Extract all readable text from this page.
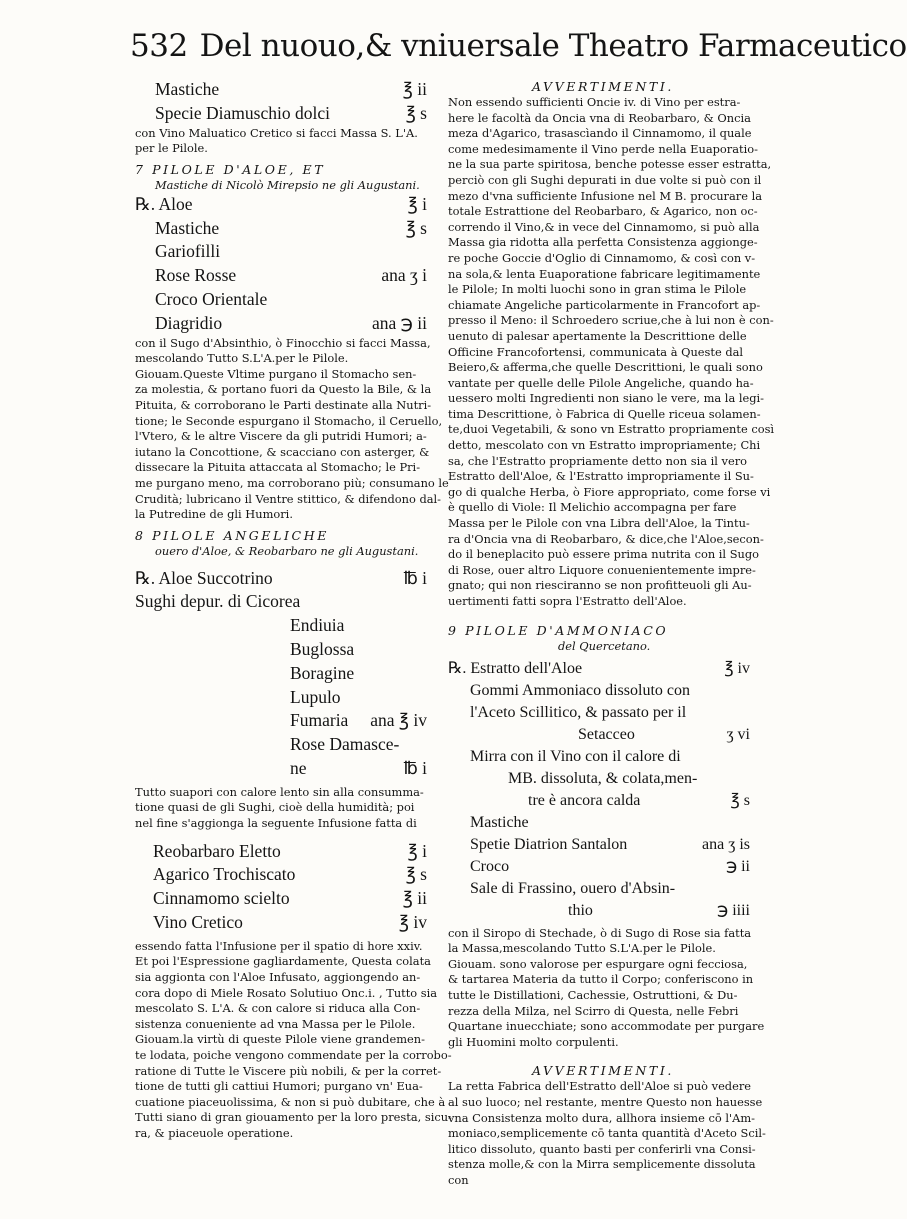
532 Del nuouo,& vniuersale Theatro Farmaceutico
Mastiche	℥ ii
Specie Diamuschio dolci	℥ s
con Vino Maluatico Cretico si facci Massa S. L'A.
per le Pilole.
7 PILOLE D'ALOE, ET
Mastiche di Nicolò Mirepsio ne gli Augustani.
℞. Aloe	℥ i
Mastiche	℥ s
Gariofilli
Rose Rosse	ana ʒ i
Croco Orientale
Diagridio	ana ℈ ii
con il Sugo d'Absinthio, ò Finocchio si facci Massa,
mescolando Tutto S.L'A.per le Pilole.
Giouam.Queste Vltime purgano il Stomacho sen-
za molestia, & portano fuori da Questo la Bile, & la
Pituita, & corroborano le Parti destinate alla Nutri-
tione; le Seconde espurgano il Stomacho, il Ceruello,
l'Vtero, & le altre Viscere da gli putridi Humori; a-
iutano la Concottione, & scacciano con asterger, &
dissecare la Pituita attaccata al Stomacho; le Pri-
me purgano meno, ma corroborano più; consumano le
Crudità; lubricano il Ventre stittico, & difendono dal-
la Putredine de gli Humori.
8 PILOLE ANGELICHE
ouero d'Aloe, & Reobarbaro ne gli Augustani.
℞. Aloe Succotrino	℔ i
Sughi depur. di Cicorea
Endiuia
Buglossa
Boragine
Lupulo
Fumaria ana ℥ iv
Rose Damasce-
ne	℔ i
Tutto suapori con calore lento sin alla consumma-
tione quasi de gli Sughi, cioè della humidità; poi
nel fine s'aggionga la seguente Infusione fatta di
Reobarbaro Eletto	℥ i
Agarico Trochiscato	℥ s
Cinnamomo scielto	℥ ii
Vino Cretico	℥ iv
essendo fatta l'Infusione per il spatio di hore xxiv.
Et poi l'Espressione gagliardamente, Questa colata
sia aggionta con l'Aloe Infusato, aggiongendo an-
cora dopo di Miele Rosato Solutiuo Onc.i. , Tutto sia
mescolato S. L'A. & con calore si riduca alla Con-
sistenza conueniente ad vna Massa per le Pilole.
Giouam.la virtù di queste Pilole viene grandemen-
te lodata, poiche vengono commendate per la corrobo-
ratione di Tutte le Viscere più nobili, & per la corret-
tione de tutti gli cattiui Humori; purgano vn' Eua-
cuatione piaceuolissima, & non si può dubitare, che à
Tutti siano di gran giouamento per la loro presta, sicu-
ra, & piaceuole operatione.
AVVERTIMENTI.
Non essendo sufficienti Oncie iv. di Vino per estra-
here le facoltà da Oncia vna di Reobarbaro, & Oncia
meza d'Agarico, trasascìando il Cinnamomo, il quale
come medesimamente il Vino perde nella Euaporatio-
ne la sua parte spiritosa, benche potesse esser estratta,
perciò con gli Sughi depurati in due volte si può con il
mezo d'vna sufficiente Infusione nel M B. procurare la
totale Estrattione del Reobarbaro, & Agarico, non oc-
correndo il Vino,& in vece del Cinnamomo, si può alla
Massa gia ridotta alla perfetta Consistenza aggionge-
re poche Goccie d'Oglio di Cinnamomo, & così con v-
na sola,& lenta Euaporatione fabricare legitimamente
le Pilole; In molti luochi sono in gran stima le Pilole
chiamate Angeliche particolarmente in Francofort ap-
presso il Meno: il Schroedero scriue,che à lui non è con-
uenuto di palesar apertamente la Descrittione delle
Officine Francofortensi, communicata à Queste dal
Beiero,& afferma,che quelle Descrittioni, le quali sono
vantate per quelle delle Pilole Angeliche, quando ha-
uessero molti Ingredienti non siano le vere, ma la legi-
tima Descrittione, ò Fabrica di Quelle riceua solamen-
te,duoi Vegetabili, & sono vn Estratto propriamente così
detto, mescolato con vn Estratto impropriamente; Chi
sa, che l'Estratto propriamente detto non sia il vero
Estratto dell'Aloe, & l'Estratto impropriamente il Su-
go di qualche Herba, ò Fiore appropriato, come forse vi
è quello di Viole: Il Melichio accompagna per fare
Massa per le Pilole con vna Libra dell'Aloe, la Tintu-
ra d'Oncia vna di Reobarbaro, & dice,che l'Aloe,secon-
do il beneplacito può essere prima nutrita con il Sugo
di Rose, ouer altro Liquore conuenientemente impre-
gnato; qui non riesciranno se non profitteuoli gli Au-
uertimenti fatti sopra l'Estratto dell'Aloe.
9 PILOLE D'AMMONIACO
del Quercetano.
℞. Estratto dell'Aloe	℥ iv
Gommi Ammoniaco dissoluto con
l'Aceto Scillitico, & passato per il
Setacceo	ʒ vi
Mirra con il Vino con il calore di
MB. dissoluta, & colata,men-
tre è ancora calda	℥ s
Mastiche
Spetie Diatrion Santalon	ana ʒ is
Croco	℈ ii
Sale di Frassino, ouero d'Absin-
thio	℈ iiii
con il Siropo di Stechade, ò di Sugo di Rose sia fatta
la Massa,mescolando Tutto S.L'A.per le Pilole.
Giouam. sono valorose per espurgare ogni fecciosa,
& tartarea Materia da tutto il Corpo; conferiscono in
tutte le Distillationi, Cachessie, Ostruttioni, & Du-
rezza della Milza, nel Scirro di Questa, nelle Febri
Quartane inuecchiate; sono accommodate per purgare
gli Huomini molto corpulenti.
AVVERTIMENTI.
La retta Fabrica dell'Estratto dell'Aloe si può vedere
al suo luoco; nel restante, mentre Questo non hauesse
vna Consistenza molto dura, allhora insieme cō l'Am-
moniaco,semplicemente cō tanta quantità d'Aceto Scil-
litico dissoluto, quanto basti per conferirli vna Consi-
stenza molle,& con la Mirra semplicemente dissoluta
con
